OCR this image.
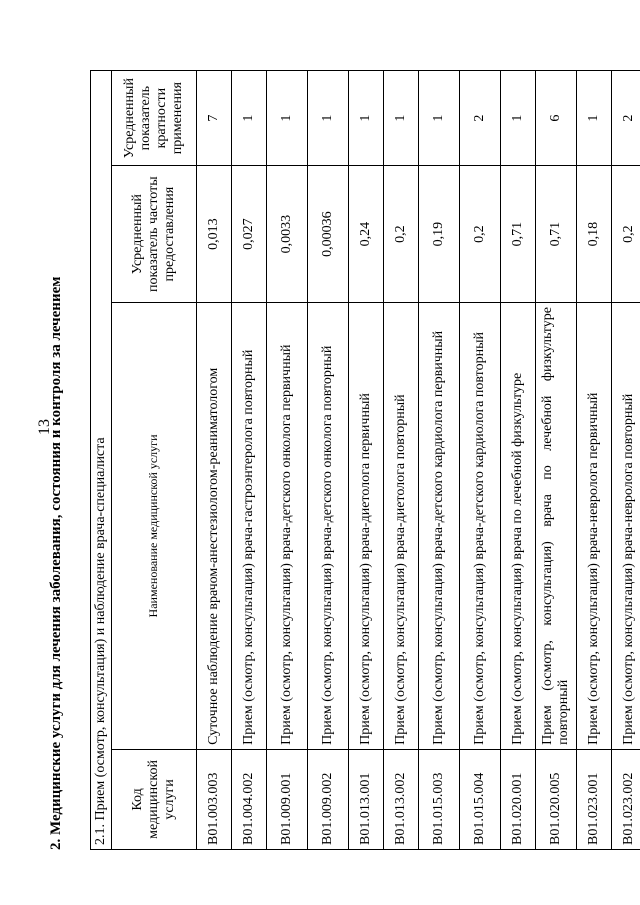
13
2. Медицинские услуги для лечения заболевания, состояния и контроля за лечением 2.1. Прием (осмотр, консультация) и наблюдение врача-специалиста			
Код медицинской услуги	Наименование медицинской услуги	Усредненный показатель частоты предоставления	Усредненный показатель кратности применения
B01.003.003	Суточное наблюдение врачом-анестезиологом-реаниматологом	0,013	7
B01.004.002	Прием (осмотр, консультация) врача-гастроэнтеролога повторный	0,027	1
B01.009.001	Прием (осмотр, консультация) врача-детского онколога первичный	0,0033	1
B01.009.002	Прием (осмотр, консультация) врача-детского онколога повторный	0,00036	1
B01.013.001	Прием (осмотр, консультация) врача-диетолога первичный	0,24	1
B01.013.002	Прием (осмотр, консультация) врача-диетолога повторный	0,2	1
B01.015.003	Прием (осмотр, консультация) врача-детского кардиолога первичный	0,19	1
B01.015.004	Прием (осмотр, консультация) врача-детского кардиолога повторный	0,2	2
B01.020.001	Прием (осмотр, консультация) врача по лечебной физкультуре	0,71	1
B01.020.005	Прием (осмотр, консультация) врача по лечебной физкультуре повторный	0,71	6
B01.023.001	Прием (осмотр, консультация) врача-невролога первичный	0,18	1
B01.023.002	Прием (осмотр, консультация) врача-невролога повторный	0,2	2
